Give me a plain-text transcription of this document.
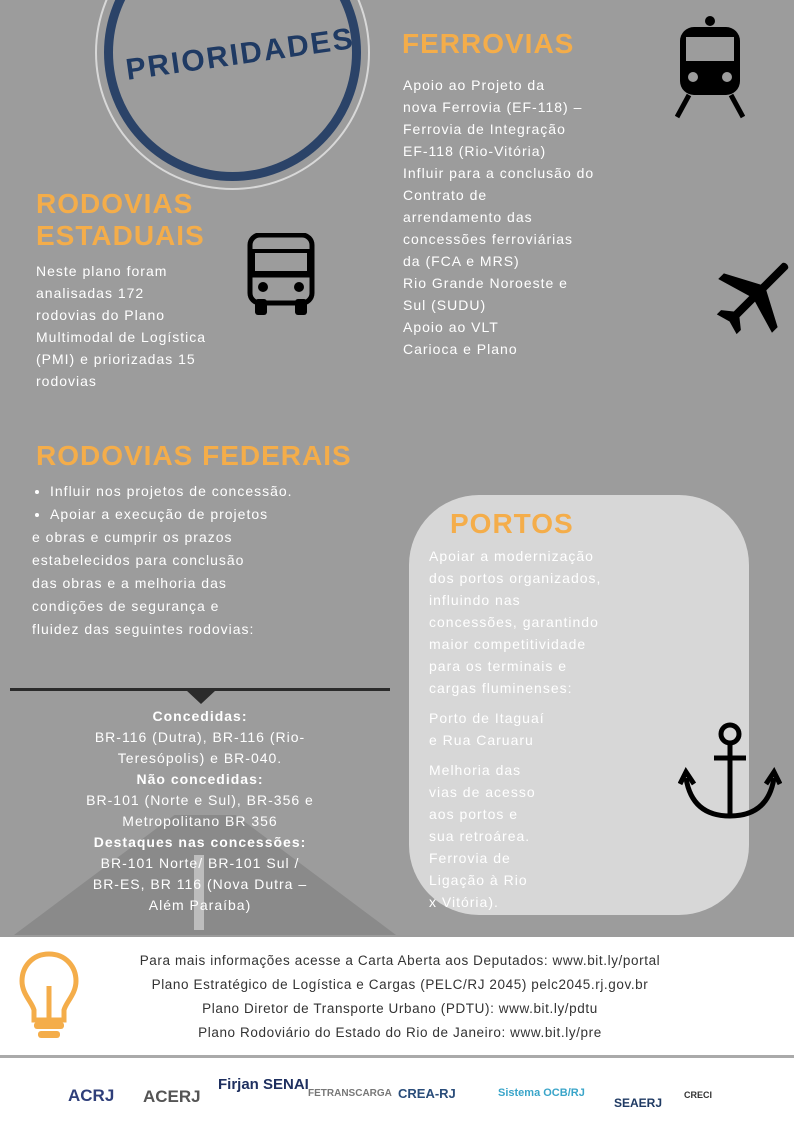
PRIORIDADES
RODOVIAS
ESTADUAIS

Neste plano foram

analisadas 172

rodovias do Plano

Multimodal de Logística

(PMI) e priorizadas 15

rodovias

RODOVIAS FEDERAIS
• Influir nos projetos de concessão.
• Apoiar a execução de projetos

e obras e cumprir os prazos

estabelecidos para conclusão

das obras e a melhoria das

condições de segurança e

fluidez das seguintes rodovias:

Concedidas:
BR-116 (Dutra), BR-116 (Rio-
Teresópolis) e BR-040.
Não concedidas:
BR-101 (Norte e Sul), BR-356 e
Metropolitano BR 356
Destaques nas concessões:
BR-101 Norte/ BR-101 Sul /
BR-ES, BR 116 (Nova Dutra –
Além Paraíba)
FERROVIAS

Apoio ao Projeto da

nova Ferrovia (EF-118) –

Ferrovia de Integração

EF-118 (Rio-Vitória)

Influir para a conclusão do

Contrato de

arrendamento das

concessões ferroviárias

da (FCA e MRS)

Rio Grande Noroeste e

Sul (SUDU)

Apoio ao VLT

Carioca e Plano

PORTOS

Apoiar a modernização

dos portos organizados,

influindo nas

concessões, garantindo

maior competitividade

para os terminais e

cargas fluminenses:

Porto de Itaguaí

e Rua Caruaru

Melhoria das

vias de acesso

aos portos e

sua retroárea.

Ferrovia de

Ligação à Rio

x Vitória).

Para mais informações acesse a Carta Aberta aos Deputados: www.bit.ly/portal
Plano Estratégico de Logística e Cargas (PELC/RJ 2045) pelc2045.rj.gov.br
Plano Diretor de Transporte Urbano (PDTU): www.bit.ly/pdtu
Plano Rodoviário do Estado do Rio de Janeiro: www.bit.ly/pre
ACRJ ACERJ
Firjan SENAI
FETRANSCARGA CREA-RJ	Sistema OCB/RJ
SEAERJ
CRECI
